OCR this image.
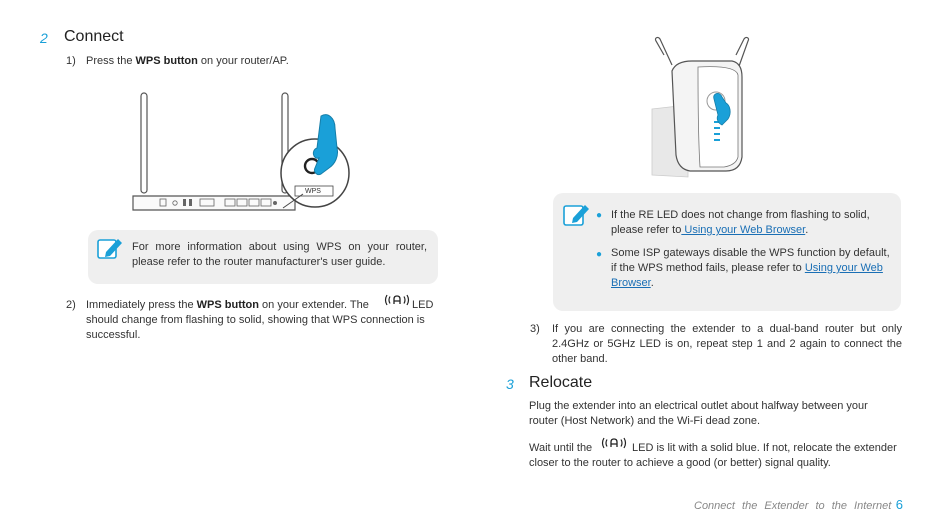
2 Connect
1) Press the WPS button on your router/AP.
WPS
For more information about using WPS on your router, please refer to the router manufacturer's user guide.
2) Immediately press the WPS button on your extender. The	LED
should change from flashing to solid, showing that WPS connection is successful.
● If the RE LED does not change from flashing to solid, please refer to Using your Web Browser.
● Some ISP gateways disable the WPS function by default, if the WPS method fails, please refer to Using your Web Browser.
3) If you are connecting the extender to a dual-band router but only 2.4GHz or 5GHz LED is on, repeat step 1 and 2 again to connect the other band.
3 Relocate
Plug the extender into an electrical outlet about halfway between your router (Host Network) and the Wi-Fi dead zone.
Wait until the	LED is lit with a solid blue. If not, relocate the extender
closer to the router to achieve a good (or better) signal quality.
Connect the Extender to the Internet 6
